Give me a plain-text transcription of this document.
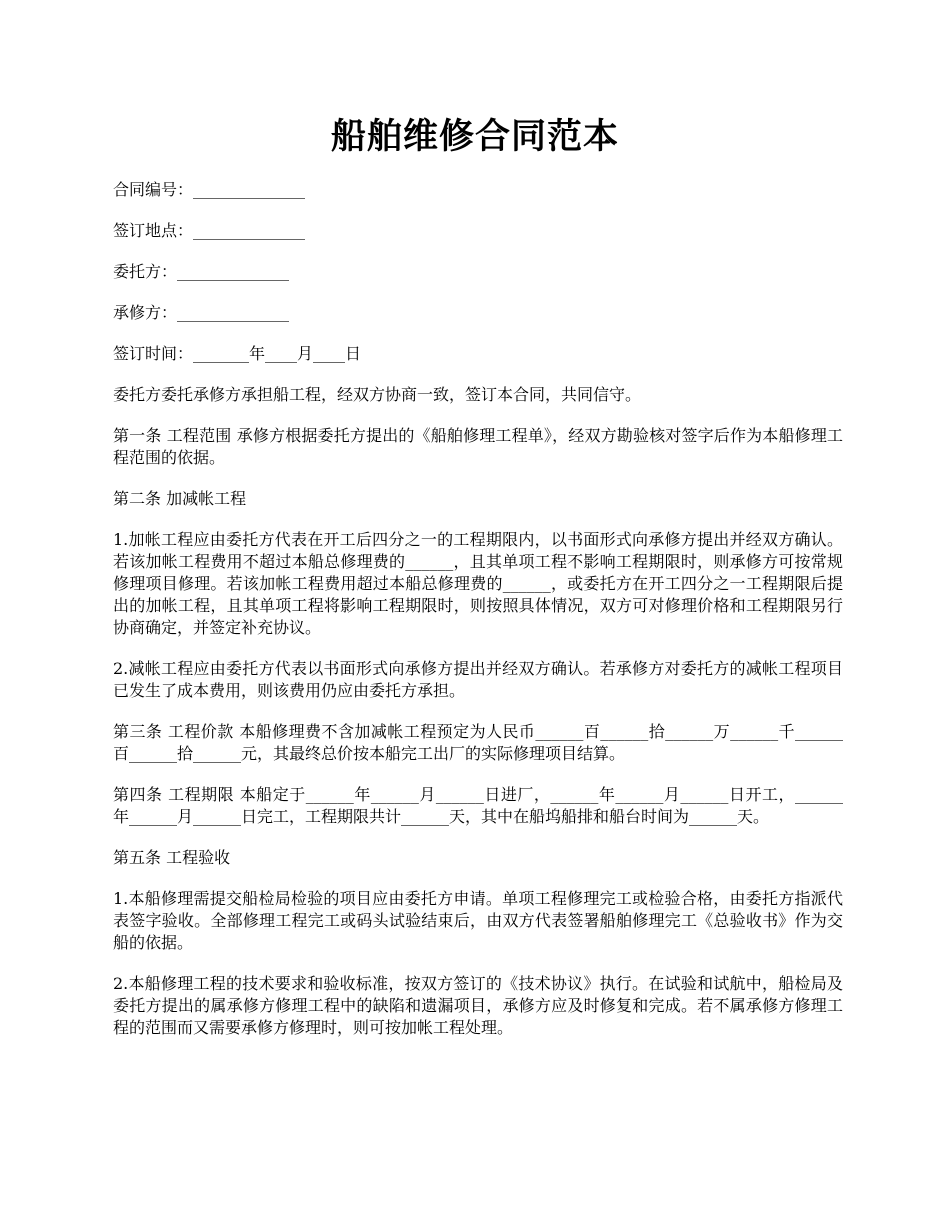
船舶维修合同范本

合同编号：______________

签订地点：______________

委托方：______________

承修方：______________

签订时间：_______年____月____日

委托方委托承修方承担船工程，经双方协商一致，签订本合同，共同信守。

第一条 工程范围 承修方根据委托方提出的《船舶修理工程单》，经双方勘验核对签字后作为本船修理工程范围的依据。

第二条 加减帐工程

1.加帐工程应由委托方代表在开工后四分之一的工程期限内，以书面形式向承修方提出并经双方确认。若该加帐工程费用不超过本船总修理费的______，且其单项工程不影响工程期限时，则承修方可按常规修理项目修理。若该加帐工程费用超过本船总修理费的______，或委托方在开工四分之一工程期限后提出的加帐工程，且其单项工程将影响工程期限时，则按照具体情况，双方可对修理价格和工程期限另行协商确定，并签定补充协议。

2.减帐工程应由委托方代表以书面形式向承修方提出并经双方确认。若承修方对委托方的减帐工程项目已发生了成本费用，则该费用仍应由委托方承担。

第三条 工程价款 本船修理费不含加减帐工程预定为人民币______百______拾______万______千______百______拾______元，其最终总价按本船完工出厂的实际修理项目结算。

第四条 工程期限 本船定于______年______月______日进厂，______年______月______日开工，______年______月______日完工，工程期限共计______天，其中在船坞船排和船台时间为______天。

第五条 工程验收

1.本船修理需提交船检局检验的项目应由委托方申请。单项工程修理完工或检验合格，由委托方指派代表签字验收。全部修理工程完工或码头试验结束后，由双方代表签署船舶修理完工《总验收书》作为交船的依据。

2.本船修理工程的技术要求和验收标准，按双方签订的《技术协议》执行。在试验和试航中，船检局及委托方提出的属承修方修理工程中的缺陷和遗漏项目，承修方应及时修复和完成。若不属承修方修理工程的范围而又需要承修方修理时，则可按加帐工程处理。
